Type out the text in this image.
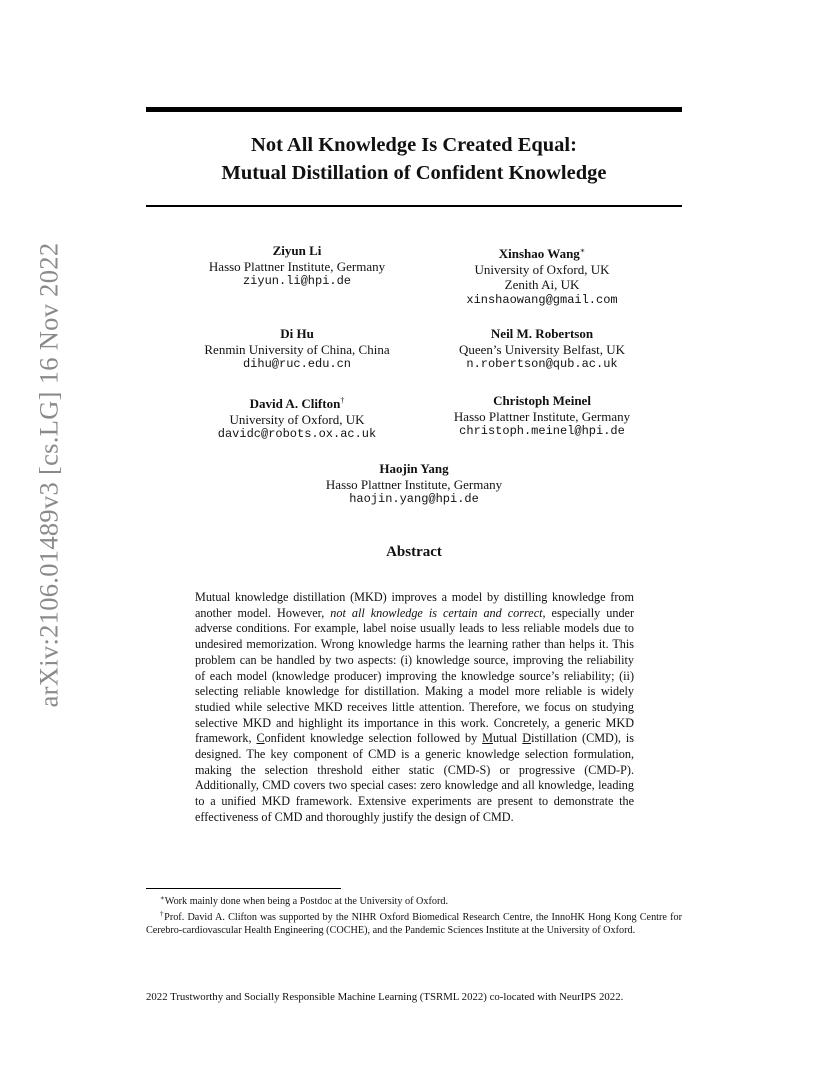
arXiv:2106.01489v3 [cs.LG] 16 Nov 2022
Not All Knowledge Is Created Equal:
Mutual Distillation of Confident Knowledge
Ziyun Li
Hasso Plattner Institute, Germany
ziyun.li@hpi.de
Xinshao Wang∗
University of Oxford, UK
Zenith Ai, UK
xinshaowang@gmail.com
Di Hu
Renmin University of China, China
dihu@ruc.edu.cn
Neil M. Robertson
Queen’s University Belfast, UK
n.robertson@qub.ac.uk
David A. Clifton†
University of Oxford, UK
davidc@robots.ox.ac.uk
Christoph Meinel
Hasso Plattner Institute, Germany
christoph.meinel@hpi.de
Haojin Yang
Hasso Plattner Institute, Germany
haojin.yang@hpi.de
Abstract

Mutual knowledge distillation (MKD) improves a model by distilling knowledge from another model. However, not all knowledge is certain and correct, especially under adverse conditions. For example, label noise usually leads to less reliable models due to undesired memorization. Wrong knowledge harms the learning rather than helps it. This problem can be handled by two aspects: (i) knowledge source, improving the reliability of each model (knowledge producer) improving the knowledge source’s reliability; (ii) selecting reliable knowledge for distillation. Making a model more reliable is widely studied while selective MKD receives little attention. Therefore, we focus on studying selective MKD and highlight its importance in this work. Concretely, a generic MKD framework, Confident knowledge selection followed by Mutual Distillation (CMD), is designed. The key component of CMD is a generic knowledge selection formulation, making the selection threshold either static (CMD-S) or progressive (CMD-P). Additionally, CMD covers two special cases: zero knowledge and all knowledge, leading to a unified MKD framework. Extensive experiments are present to demonstrate the effectiveness of CMD and thoroughly justify the design of CMD.

∗Work mainly done when being a Postdoc at the University of Oxford.

†Prof. David A. Clifton was supported by the NIHR Oxford Biomedical Research Centre, the InnoHK Hong Kong Centre for Cerebro-cardiovascular Health Engineering (COCHE), and the Pandemic Sciences Institute at the University of Oxford.

2022 Trustworthy and Socially Responsible Machine Learning (TSRML 2022) co-located with NeurIPS 2022.
